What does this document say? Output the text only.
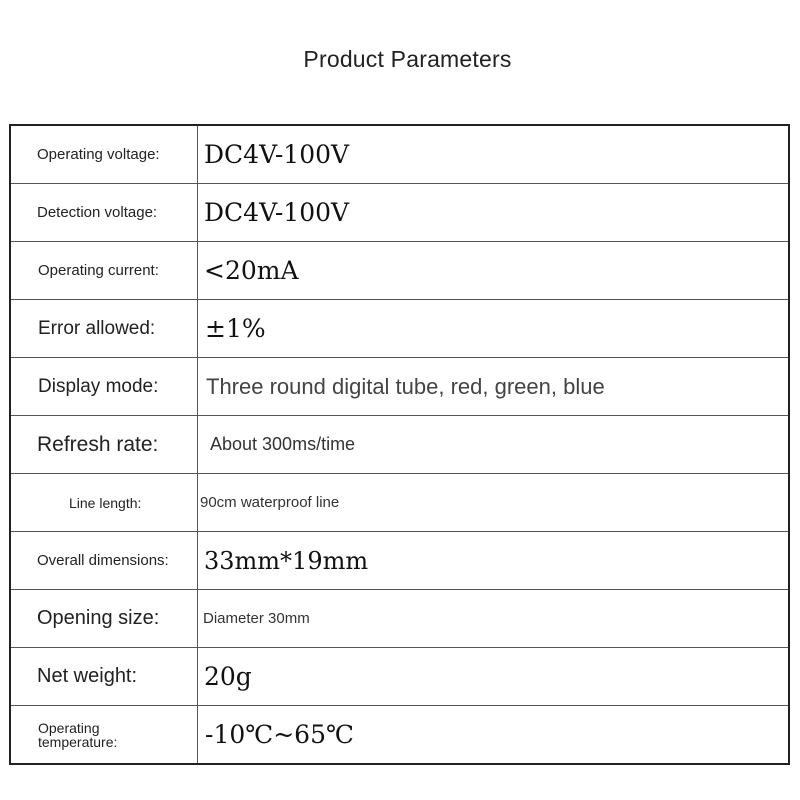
Product Parameters
Operating voltage:	DC4V-100V
Detection voltage:	DC4V-100V
Operating current:	<20mA
Error allowed:	±1%
Display mode:	Three round digital tube, red, green, blue
Refresh rate:	About 300ms/time
Line length:	90cm waterproof line
Overall dimensions:	33mm*19mm
Opening size:	Diameter 30mm
Net weight:	20g
Operating
temperature:	-10℃~65℃
